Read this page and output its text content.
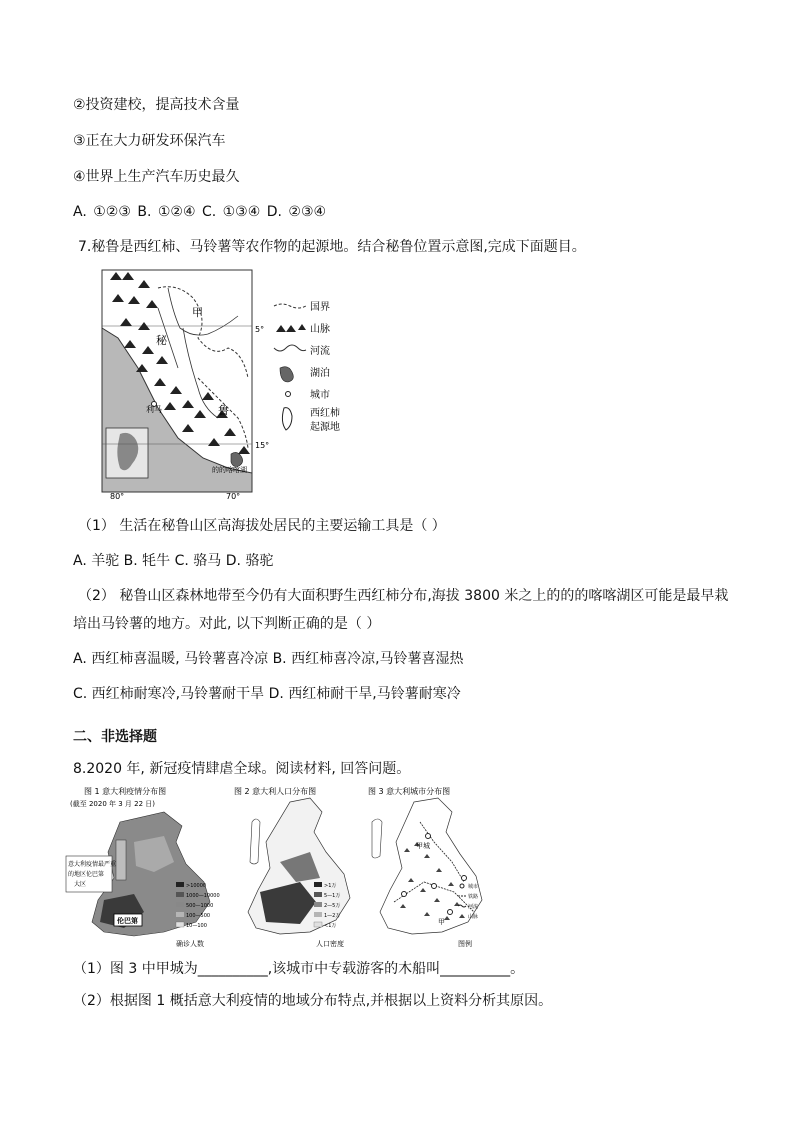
②投资建校，提高技术含量
③正在大力研发环保汽车
④世界上生产汽车历史最久
A. ①②③ B. ①②④ C. ①③④ D. ②③④
7.秘鲁是西红柿、马铃薯等农作物的起源地。结合秘鲁位置示意图,完成下面题目。
甲
秘
鲁
利马
的的喀喀湖
5°
15°
80°	70°
国界
山脉
河流
湖泊
城市
西红柿
起源地
（1） 生活在秘鲁山区高海拔处居民的主要运输工具是（ ）
A. 羊驼 B. 牦牛 C. 骆马 D. 骆驼
（2） 秘鲁山区森林地带至今仍有大面积野生西红柿分布,海拔 3800 米之上的的的喀喀湖区可能是最早栽
培出马铃薯的地方。对此, 以下判断正确的是（ ）
A. 西红柿喜温暖, 马铃薯喜冷凉 B. 西红柿喜冷凉,马铃薯喜湿热
C. 西红柿耐寒冷,马铃薯耐干旱 D. 西红柿耐干旱,马铃薯耐寒冷
二、非选择题
8.2020 年, 新冠疫情肆虐全球。阅读材料, 回答问题。
图 1 意大利疫情分布图
(截至 2020 年 3 月 22 日)
意大利疫情最严重
的地区伦巴第
大区
伦巴第
>10000
1000—10000
500—1000
100—500
10—100
确诊人数
图 2 意大利人口分布图
>1万
5—1万
2—5万
1—2万
<1万
人口密度
图 3 意大利城市分布图
甲城
甲
城市
铁路
河流
山脉
图例
（1）图 3 中甲城为__________,该城市中专载游客的木船叫__________。
（2）根据图 1 概括意大利疫情的地域分布特点,并根据以上资料分析其原因。
